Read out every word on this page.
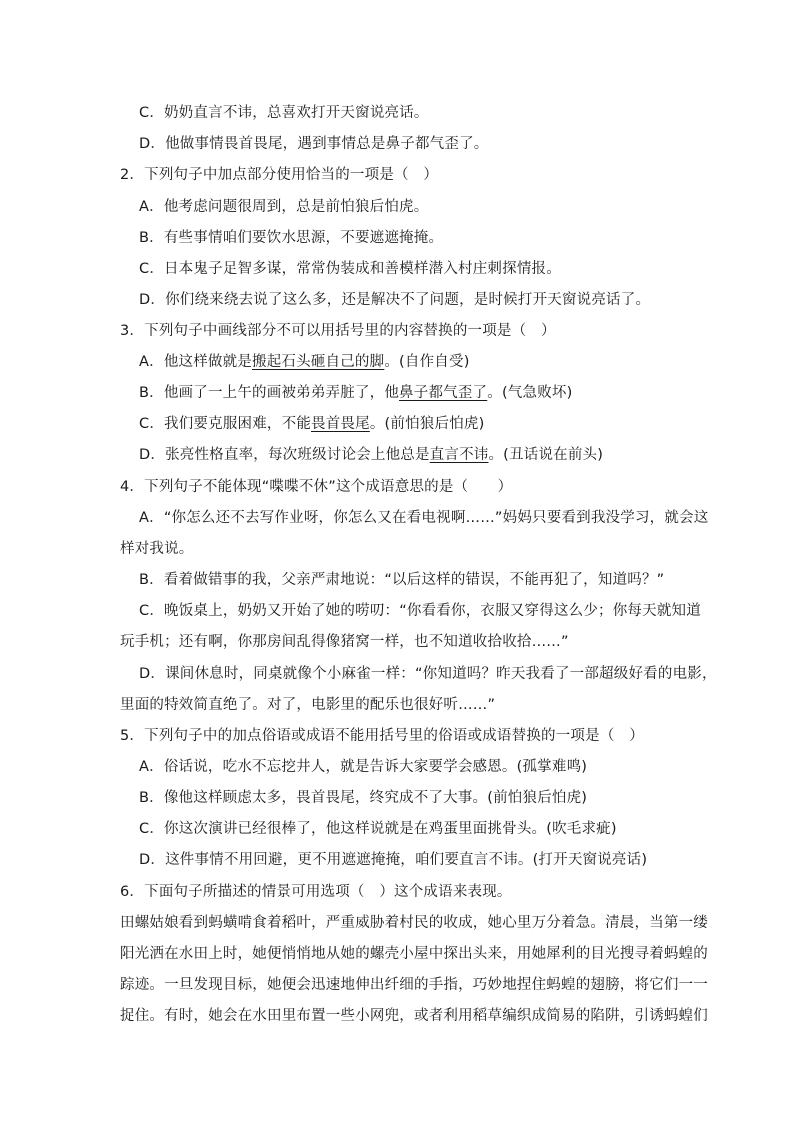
C．奶奶直言不讳，总喜欢打开天窗说亮话。
D．他做事情畏首畏尾，遇到事情总是鼻子都气歪了。
2．下列句子中加点部分使用恰当的一项是（　）
A．他考虑问题很周到，总是前怕狼后怕虎。
B．有些事情咱们要饮水思源，不要遮遮掩掩。
C．日本鬼子足智多谋，常常伪装成和善模样潜入村庄刺探情报。
D．你们绕来绕去说了这么多，还是解决不了问题，是时候打开天窗说亮话了。
3．下列句子中画线部分不可以用括号里的内容替换的一项是（　）
A．他这样做就是搬起石头砸自己的脚。(自作自受)
B．他画了一上午的画被弟弟弄脏了，他鼻子都气歪了。(气急败坏)
C．我们要克服困难，不能畏首畏尾。(前怕狼后怕虎)
D．张亮性格直率，每次班级讨论会上他总是直言不讳。(丑话说在前头)
4．下列句子不能体现“喋喋不休”这个成语意思的是（　　）
A．“你怎么还不去写作业呀，你怎么又在看电视啊……”妈妈只要看到我没学习，就会这
样对我说。
B．看着做错事的我，父亲严肃地说：“以后这样的错误，不能再犯了，知道吗？”
C．晚饭桌上，奶奶又开始了她的唠叨：“你看看你，衣服又穿得这么少；你每天就知道
玩手机；还有啊，你那房间乱得像猪窝一样，也不知道收拾收拾……”
D．课间休息时，同桌就像个小麻雀一样：“你知道吗？昨天我看了一部超级好看的电影，
里面的特效简直绝了。对了，电影里的配乐也很好听……”
5．下列句子中的加点俗语或成语不能用括号里的俗语或成语替换的一项是（　）
A．俗话说，吃水不忘挖井人，就是告诉大家要学会感恩。(孤掌难鸣)
B．像他这样顾虑太多，畏首畏尾，终究成不了大事。(前怕狼后怕虎)
C．你这次演讲已经很棒了，他这样说就是在鸡蛋里面挑骨头。(吹毛求疵)
D．这件事情不用回避，更不用遮遮掩掩，咱们要直言不讳。(打开天窗说亮话)
6．下面句子所描述的情景可用选项（　）这个成语来表现。
田螺姑娘看到蚂蟥啃食着稻叶，严重威胁着村民的收成，她心里万分着急。清晨，当第一缕
阳光洒在水田上时，她便悄悄地从她的螺壳小屋中探出头来，用她犀利的目光搜寻着蚂蝗的
踪迹。一旦发现目标，她便会迅速地伸出纤细的手指，巧妙地捏住蚂蝗的翅膀，将它们一一
捉住。有时，她会在水田里布置一些小网兜，或者利用稻草编织成简易的陷阱，引诱蚂蝗们
